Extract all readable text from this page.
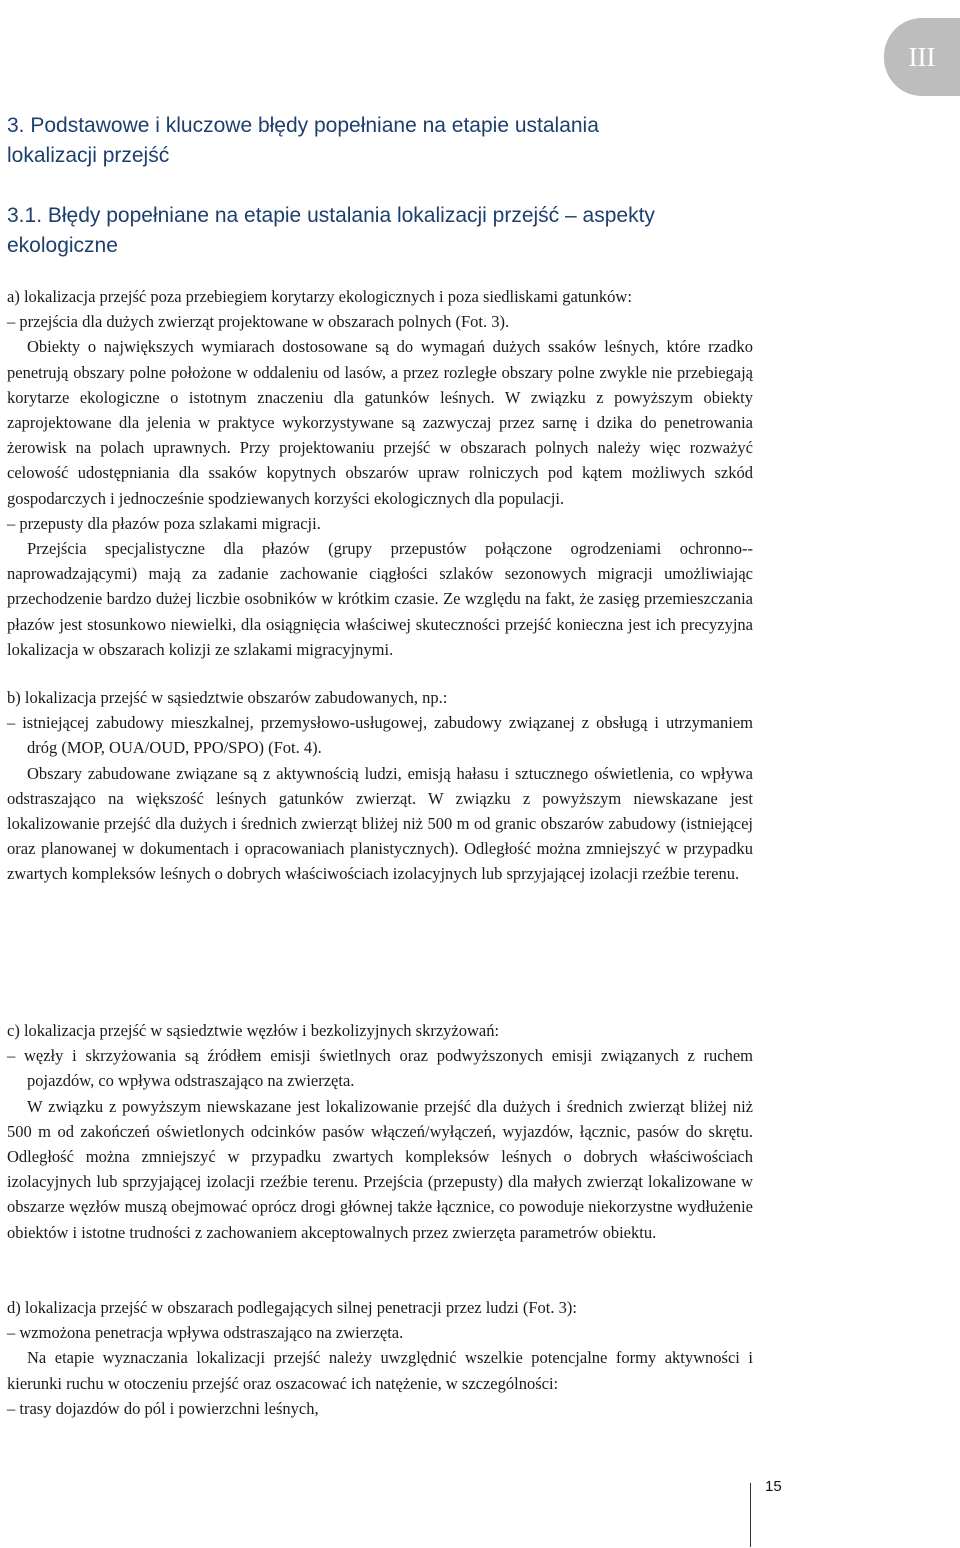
III
3. Podstawowe i kluczowe błędy popełniane na etapie ustalania lokalizacji przejść
3.1. Błędy popełniane na etapie ustalania lokalizacji przejść – aspekty ekologiczne

a) lokalizacja przejść poza przebiegiem korytarzy ekologicznych i poza siedliskami gatunków:

– przejścia dla dużych zwierząt projektowane w obszarach polnych (Fot. 3).

Obiekty o największych wymiarach dostosowane są do wymagań dużych ssaków leśnych, które rzadko penetrują obszary polne położone w oddaleniu od lasów, a przez rozległe obszary polne zwykle nie przebiegają korytarze ekologiczne o istotnym znaczeniu dla gatunków leśnych. W związku z powyższym obiekty zaprojektowane dla jelenia w praktyce wykorzystywane są zazwyczaj przez sarnę i dzika do penetrowania żerowisk na polach uprawnych. Przy projektowaniu przejść w obszarach polnych należy więc rozważyć celowość udostępniania dla ssaków kopytnych obszarów upraw rolniczych pod kątem możliwych szkód gospodarczych i jednocześnie spodziewanych korzyści ekologicznych dla populacji.

– przepusty dla płazów poza szlakami migracji.

Przejścia specjalistyczne dla płazów (grupy przepustów połączone ogrodzeniami ochronno--naprowadzającymi) mają za zadanie zachowanie ciągłości szlaków sezonowych migracji umożliwiając przechodzenie bardzo dużej liczbie osobników w krótkim czasie. Ze względu na fakt, że zasięg przemieszczania płazów jest stosunkowo niewielki, dla osiągnięcia właściwej skuteczności przejść konieczna jest ich precyzyjna lokalizacja w obszarach kolizji ze szlakami migracyjnymi.

b) lokalizacja przejść w sąsiedztwie obszarów zabudowanych, np.:

– istniejącej zabudowy mieszkalnej, przemysłowo-usługowej, zabudowy związanej z obsługą i utrzymaniem dróg (MOP, OUA/OUD, PPO/SPO) (Fot. 4).

Obszary zabudowane związane są z aktywnością ludzi, emisją hałasu i sztucznego oświetlenia, co wpływa odstraszająco na większość leśnych gatunków zwierząt. W związku z powyższym niewskazane jest lokalizowanie przejść dla dużych i średnich zwierząt bliżej niż 500 m od granic obszarów zabudowy (istniejącej oraz planowanej w dokumentach i opracowaniach planistycznych). Odległość można zmniejszyć w przypadku zwartych kompleksów leśnych o dobrych właściwościach izolacyjnych lub sprzyjającej izolacji rzeźbie terenu.

c) lokalizacja przejść w sąsiedztwie węzłów i bezkolizyjnych skrzyżowań:

– węzły i skrzyżowania są źródłem emisji świetlnych oraz podwyższonych emisji związanych z ruchem pojazdów, co wpływa odstraszająco na zwierzęta.

W związku z powyższym niewskazane jest lokalizowanie przejść dla dużych i średnich zwierząt bliżej niż 500 m od zakończeń oświetlonych odcinków pasów włączeń/wyłączeń, wyjazdów, łącznic, pasów do skrętu. Odległość można zmniejszyć w przypadku zwartych kompleksów leśnych o dobrych właściwościach izolacyjnych lub sprzyjającej izolacji rzeźbie terenu. Przejścia (przepusty) dla małych zwierząt lokalizowane w obszarze węzłów muszą obejmować oprócz drogi głównej także łącznice, co powoduje niekorzystne wydłużenie obiektów i istotne trudności z zachowaniem akceptowalnych przez zwierzęta parametrów obiektu.

d) lokalizacja przejść w obszarach podlegających silnej penetracji przez ludzi (Fot. 3):

– wzmożona penetracja wpływa odstraszająco na zwierzęta.

Na etapie wyznaczania lokalizacji przejść należy uwzględnić wszelkie potencjalne formy aktywności i kierunki ruchu w otoczeniu przejść oraz oszacować ich natężenie, w szczególności:

– trasy dojazdów do pól i powierzchni leśnych,

15
